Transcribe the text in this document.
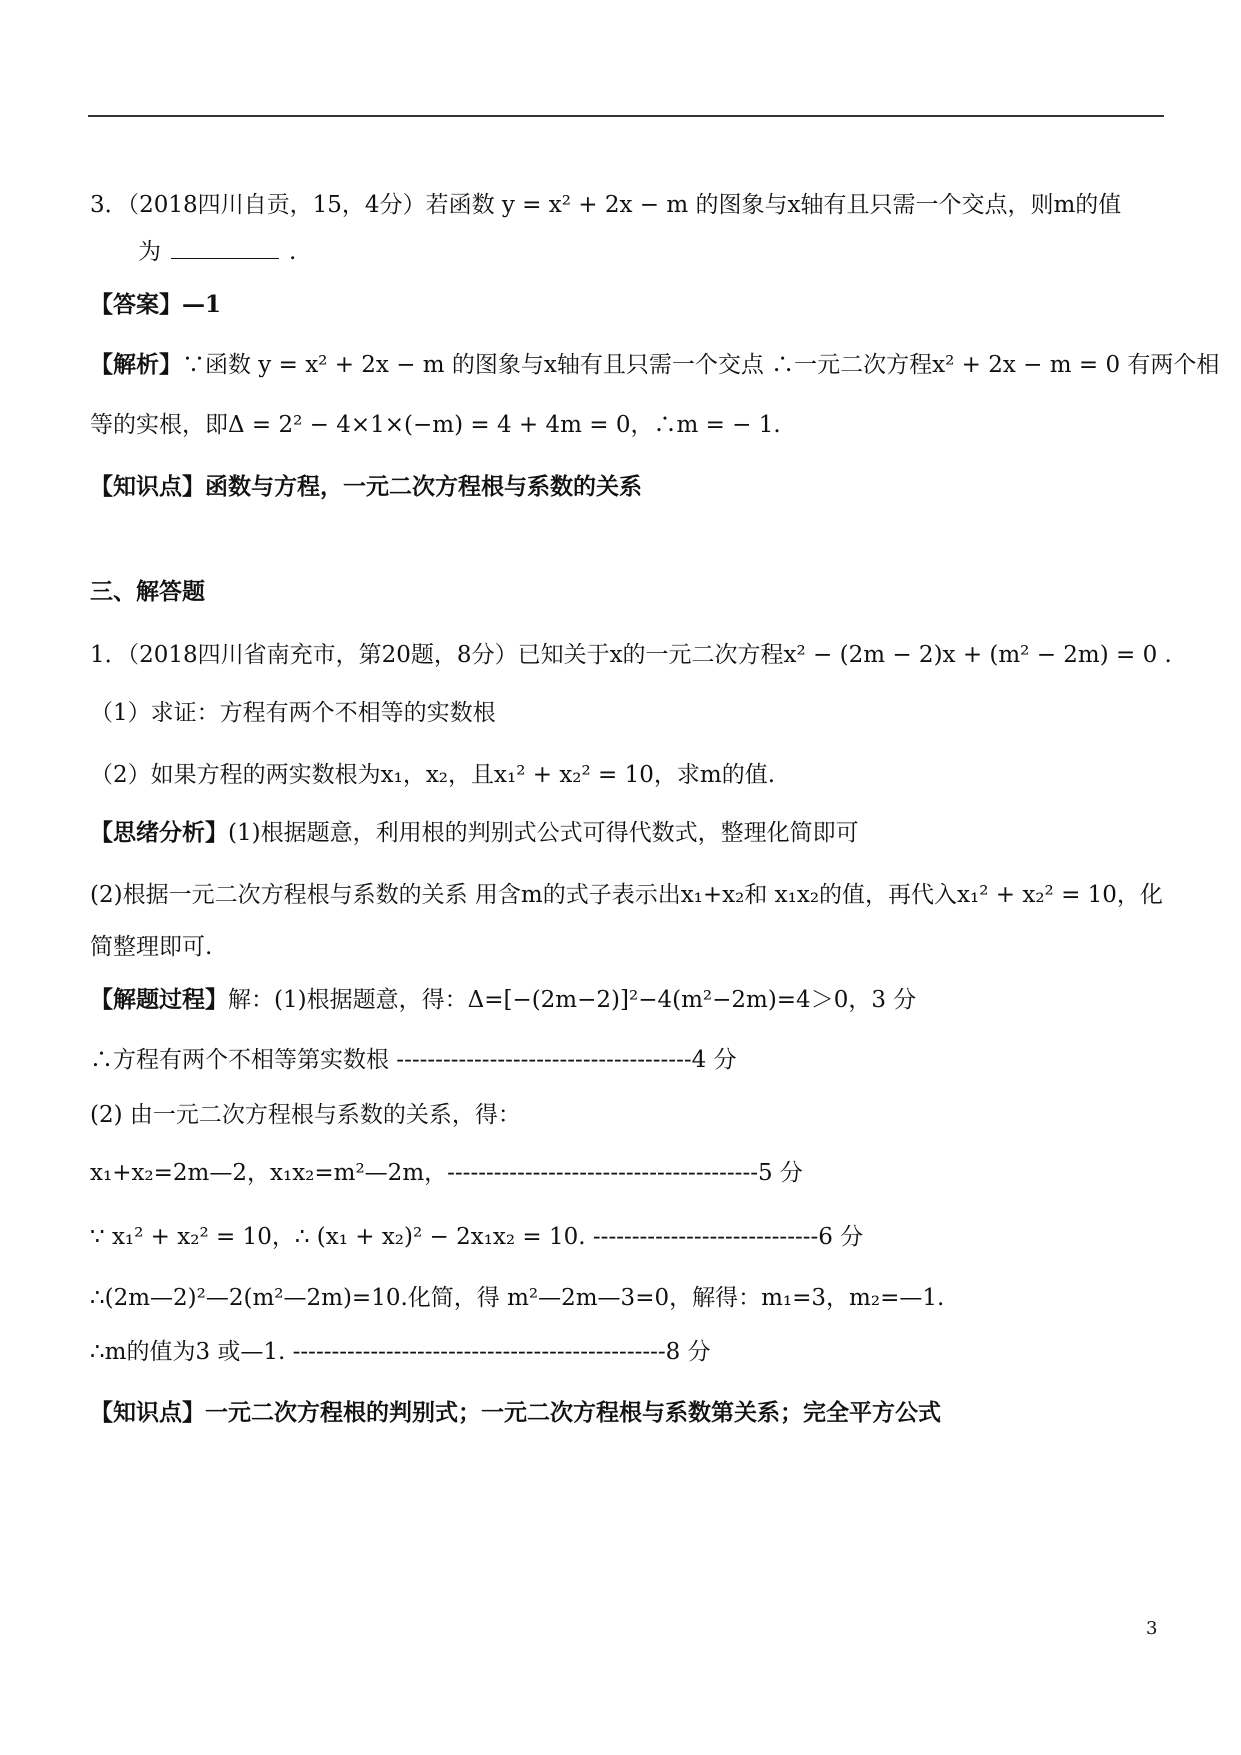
3．（2018四川自贡，15，4分）若函数 y = x² + 2x − m 的图象与x轴有且只需一个交点，则m的值
为	.
【答案】—1
【解析】∵函数 y = x² + 2x − m 的图象与x轴有且只需一个交点 ∴一元二次方程x² + 2x − m = 0 有两个相
等的实根，即Δ = 2² − 4×1×(−m) = 4 + 4m = 0，∴m = − 1.
【知识点】函数与方程，一元二次方程根与系数的关系
三、解答题
1．（2018四川省南充市，第20题，8分）已知关于x的一元二次方程x² − (2m − 2)x + (m² − 2m) = 0 .
（1）求证：方程有两个不相等的实数根
（2）如果方程的两实数根为x₁，x₂，且x₁² + x₂² = 10，求m的值.
【思绪分析】(1)根据题意，利用根的判别式公式可得代数式，整理化简即可
(2)根据一元二次方程根与系数的关系 用含m的式子表示出x₁+x₂和 x₁x₂的值，再代入x₁² + x₂² = 10，化
简整理即可.
【解题过程】解：(1)根据题意，得：Δ=[−(2m−2)]²−4(m²−2m)=4＞0，3 分
∴方程有两个不相等第实数根 --------------------------------------4 分
(2) 由一元二次方程根与系数的关系，得：
x₁+x₂=2m—2，x₁x₂=m²—2m，----------------------------------------5 分
∵ x₁² + x₂² = 10，∴ (x₁ + x₂)² − 2x₁x₂ = 10. -----------------------------6 分
∴(2m—2)²—2(m²—2m)=10.化简，得 m²—2m—3=0，解得：m₁=3，m₂=—1.
∴m的值为3 或—1. ------------------------------------------------8 分
【知识点】一元二次方程根的判别式；一元二次方程根与系数第关系；完全平方公式
3
